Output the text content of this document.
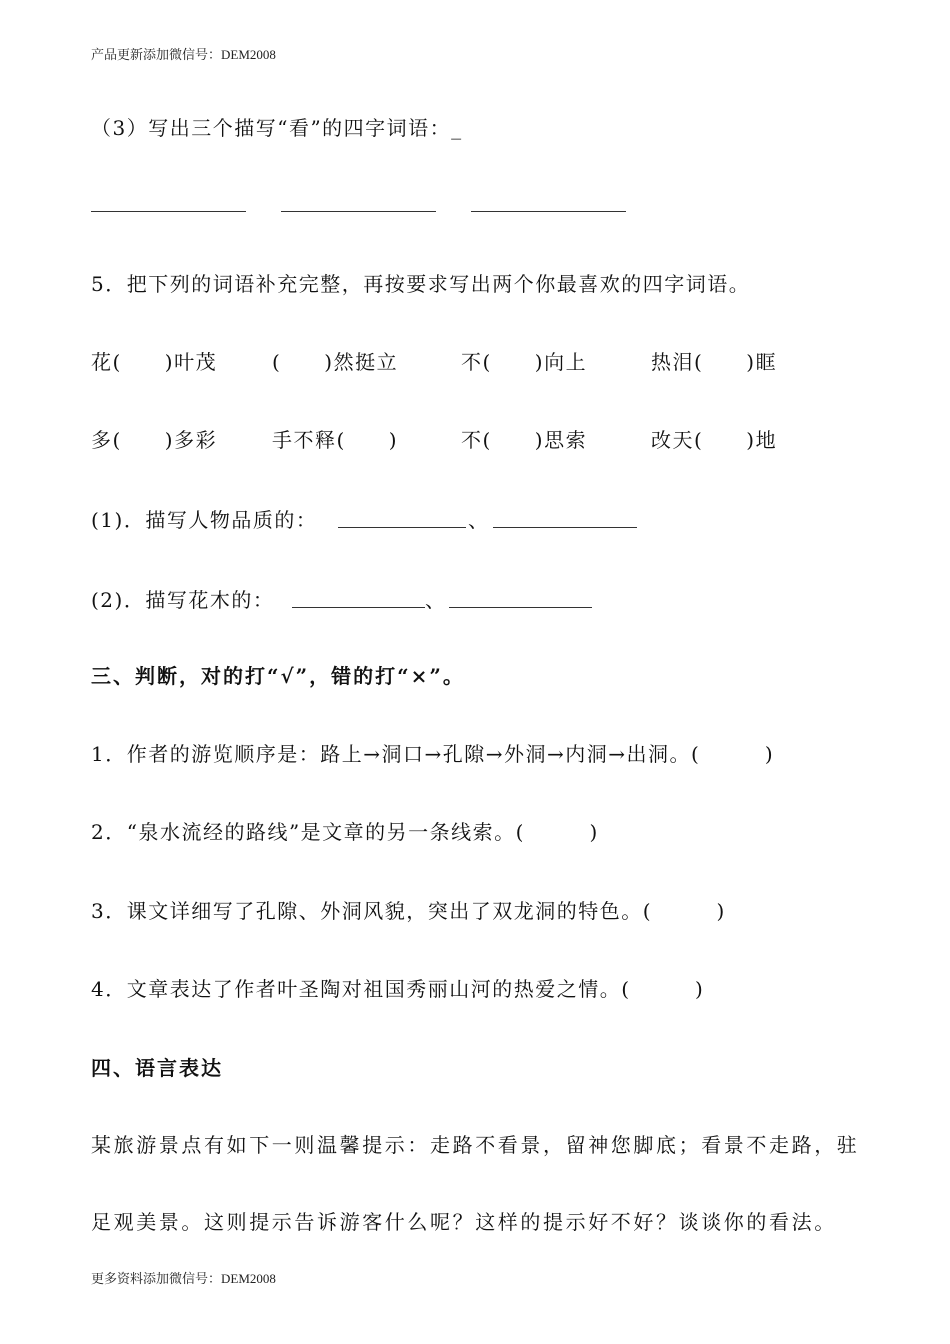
产品更新添加微信号：DEM2008
（3）写出三个描写“看”的四字词语：_
5．把下列的词语补充完整，再按要求写出两个你最喜欢的四字词语。
花(　　)叶茂	(　　)然挺立	不(　　)向上	热泪(　　)眶
多(　　)多彩	手不释(　　)	不(　　)思索	改天(　　)地
(1)．描写人物品质的：	、
(2)．描写花木的：	、
三、判断，对的打“√”，错的打“×”。
1．作者的游览顺序是：路上→洞口→孔隙→外洞→内洞→出洞。(　　　)
2．“泉水流经的路线”是文章的另一条线索。(　　　)
3．课文详细写了孔隙、外洞风貌，突出了双龙洞的特色。(　　　)
4．文章表达了作者叶圣陶对祖国秀丽山河的热爱之情。(　　　)
四、语言表达
某旅游景点有如下一则温馨提示：走路不看景，留神您脚底；看景不走路，驻
足观美景。这则提示告诉游客什么呢？这样的提示好不好？谈谈你的看法。
更多资料添加微信号：DEM2008
